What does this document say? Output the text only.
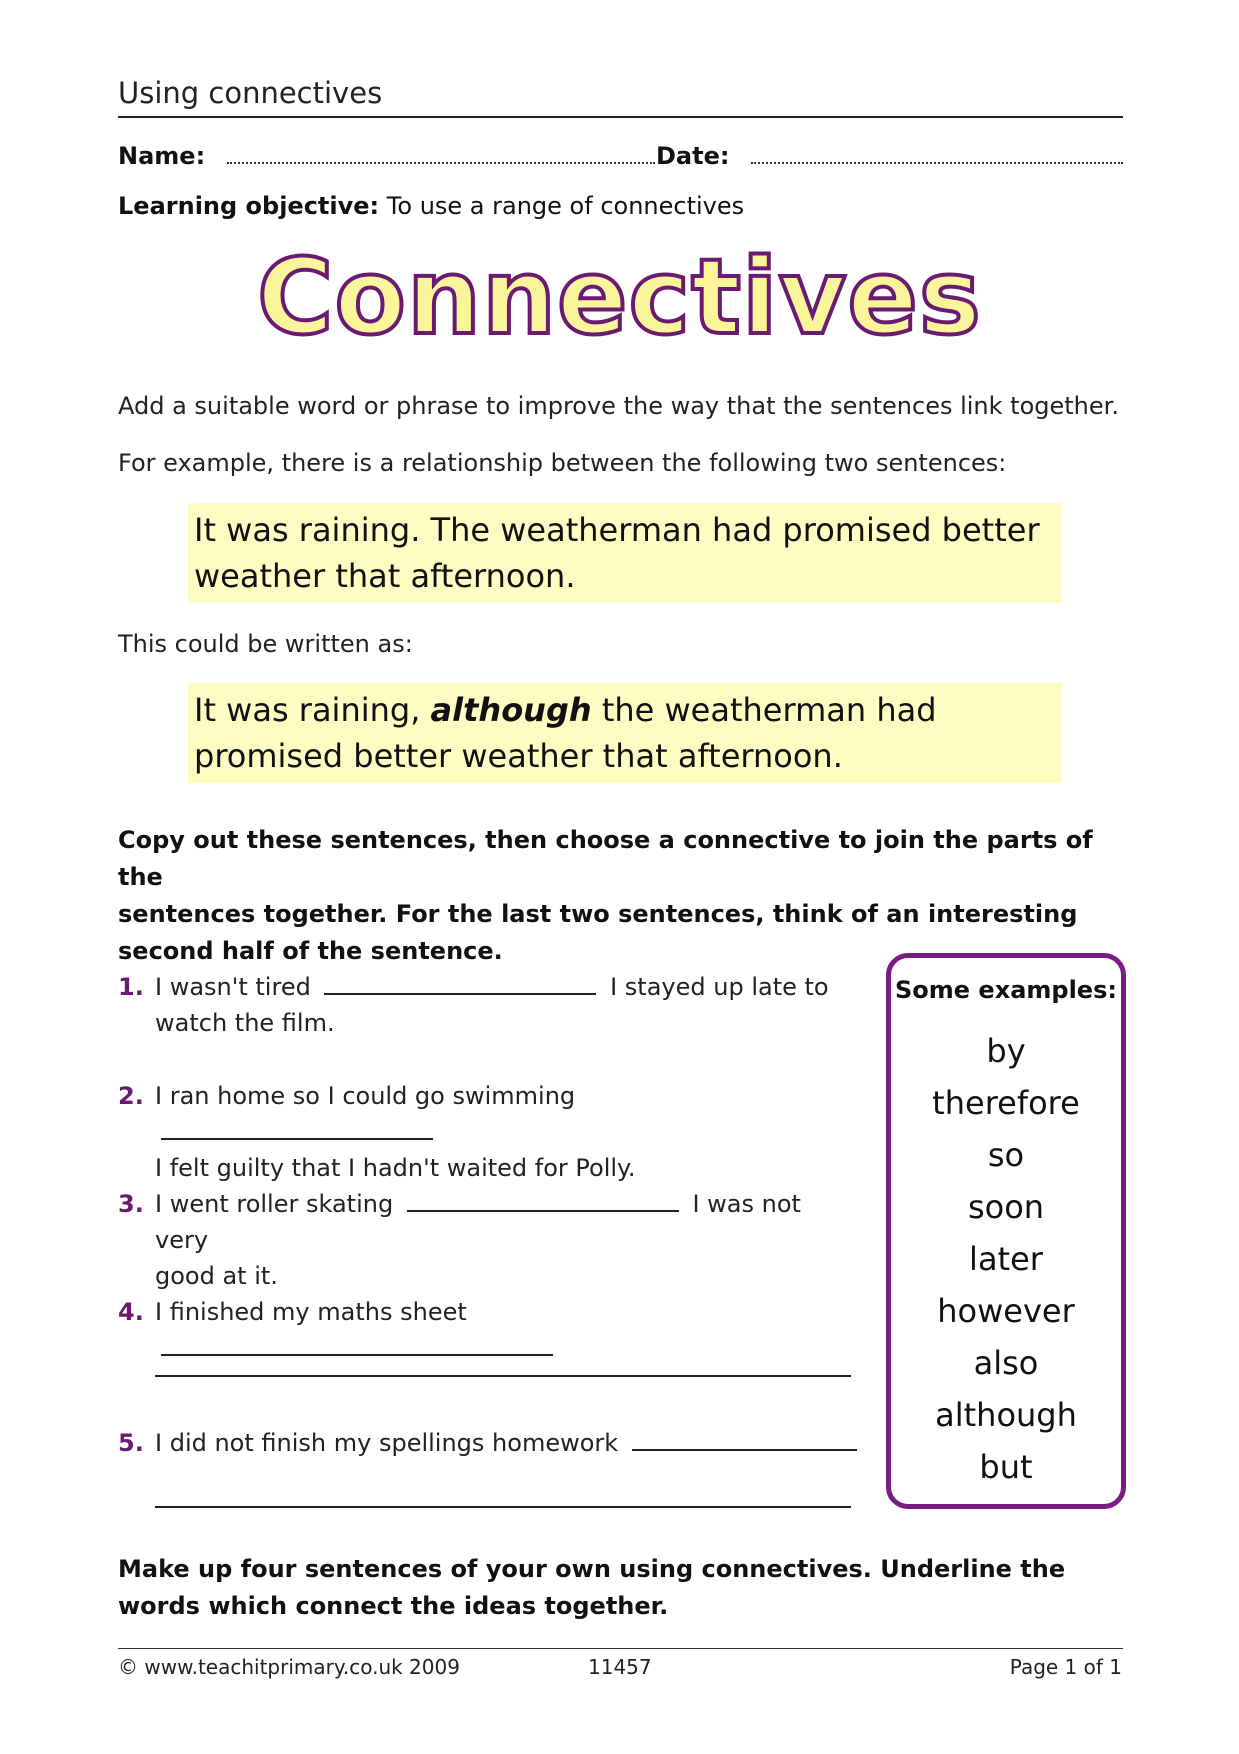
Using connectives
Name:	Date:
Learning objective: To use a range of connectives
Connectives
Add a suitable word or phrase to improve the way that the sentences link together.
For example, there is a relationship between the following two sentences:
It was raining. The weatherman had promised better
weather that afternoon.
This could be written as:
It was raining, although the weatherman had
promised better weather that afternoon.
Copy out these sentences, then choose a connective to join the parts of the
sentences together. For the last two sentences, think of an interesting
second half of the sentence.
1. I wasn't tired	I stayed up late to
watch the film.
2. I ran home so I could go swimming
I felt guilty that I hadn't waited for Polly.
3. I went roller skating	I was not very
good at it.
4. I finished my maths sheet
5. I did not finish my spellings homework
Some examples:
by
therefore
so
soon
later
however
also
although
but
Make up four sentences of your own using connectives. Underline the
words which connect the ideas together.
© www.teachitprimary.co.uk 2009	11457	Page 1 of 1
